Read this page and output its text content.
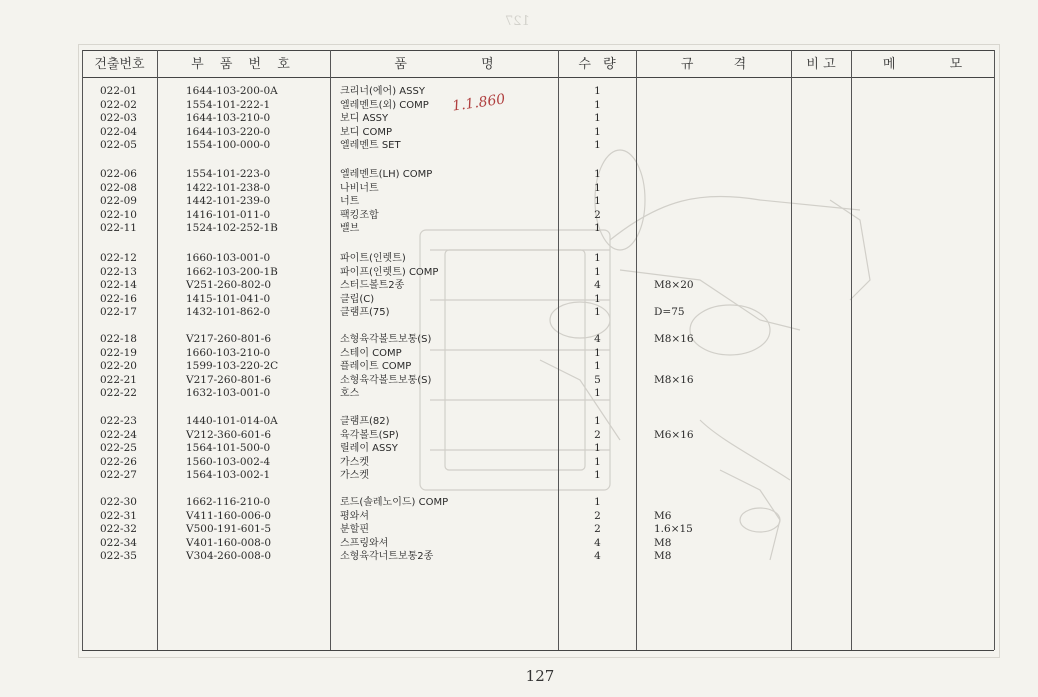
127
건출번호	부 품 번 호	품 명	수 량	규 격	비 고	메 모
022-01	1644-103-200-0A	크리너(에어) ASSY	1
022-02	1554-101-222-1	엘레멘트(외) COMP	1
022-03	1644-103-210-0	보디 ASSY	1
022-04	1644-103-220-0	보디 COMP	1
022-05	1554-100-000-0	엘레멘트 SET	1
022-06	1554-101-223-0	엘레멘트(LH) COMP	1
022-08	1422-101-238-0	나비너트	1
022-09	1442-101-239-0	너트	1
022-10	1416-101-011-0	팩킹조합	2
022-11	1524-102-252-1B	밸브	1
022-12	1660-103-001-0	파이트(인렛트)	1
022-13	1662-103-200-1B	파이프(인렛트) COMP	1
022-14	V251-260-802-0	스터드볼트2종	4	M8×20
022-16	1415-101-041-0	클립(C)	1
022-17	1432-101-862-0	클램프(75)	1	D=75
022-18	V217-260-801-6	소형육각볼트보통(S)	4	M8×16
022-19	1660-103-210-0	스테이 COMP	1
022-20	1599-103-220-2C	플레이트 COMP	1
022-21	V217-260-801-6	소형육각볼트보통(S)	5	M8×16
022-22	1632-103-001-0	호스	1
022-23	1440-101-014-0A	클램프(82)	1
022-24	V212-360-601-6	육각볼트(SP)	2	M6×16
022-25	1564-101-500-0	릴레이 ASSY	1
022-26	1560-103-002-4	가스켓	1
022-27	1564-103-002-1	가스켓	1
022-30	1662-116-210-0	로드(솔레노이드) COMP	1
022-31	V411-160-006-0	평와셔	2	M6
022-32	V500-191-601-5	분할핀	2	1.6×15
022-34	V401-160-008-0	스프링와셔	4	M8
022-35	V304-260-008-0	소형육각너트보통2종	4	M8
1.1.860
127
